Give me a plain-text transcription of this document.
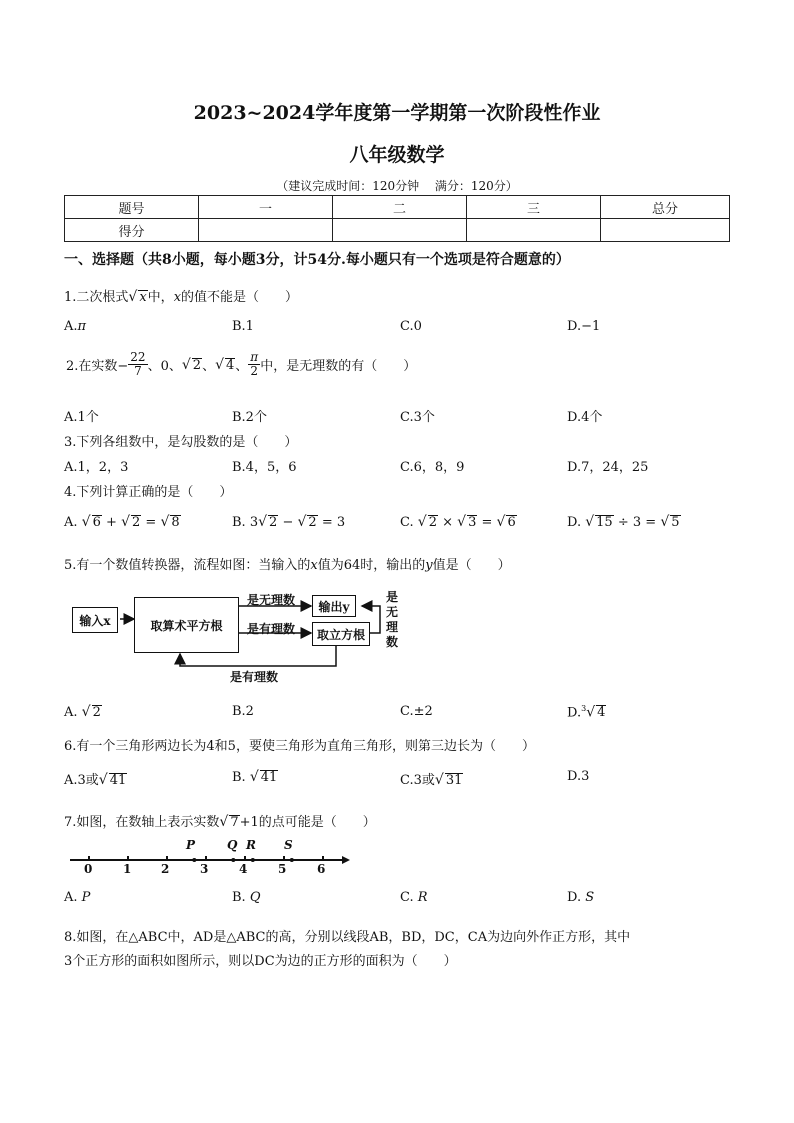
2023~2024学年度第一学期第一次阶段性作业
八年级数学
（建议完成时间：120分钟　 满分：120分）
题号	一	二	三	总分
得分				
一、选择题（共8小题，每小题3分，计54分.每小题只有一个选项是符合题意的）
1.二次根式√ x中，x的值不能是（　　）
A.π	B.1	C.0	D.−1
2.在实数− $\frac{22}{7}$ 、0、 √ 2 、 √ 4 、 $\frac{\pi}{2}$ 中，是无理数的有（　　）
A.1个	B.2个	C.3个	D.4个
3.下列各组数中，是勾股数的是（　　）
A.1，2，3	B.4，5，6	C.6，8，9	D.7，24，25
4.下列计算正确的是（　　）
A. √ 6 + √ 2 = √ 8	B. 3√ 2 − √ 2 = 3	C. √ 2 × √ 3 = √ 6	D. √ 15 ÷ 3 = √ 5
5.有一个数值转换器，流程如图：当输入的x值为64时，输出的y值是（　　）
输入x	取算术平方根
是无理数
是有理数
输出y
取立方根
是无理数
是有理数
A. √ 2	B.2	C.±2	D.$^3$√ 4
6.有一个三角形两边长为4和5，要使三角形为直角三角形，则第三边长为（　　）
A.3或√ 41	B. √ 41	C.3或√ 31	D.3
7.如图，在数轴上表示实数√ 7+1的点可能是（　　）
P	Q R S
0	1 2	3	4	5	6
A. P	B. Q	C. R	D. S
8.如图，在△ABC中，AD是△ABC的高，分别以线段AB，BD，DC，CA为边向外作正方形，其中
3个正方形的面积如图所示，则以DC为边的正方形的面积为（　　）
